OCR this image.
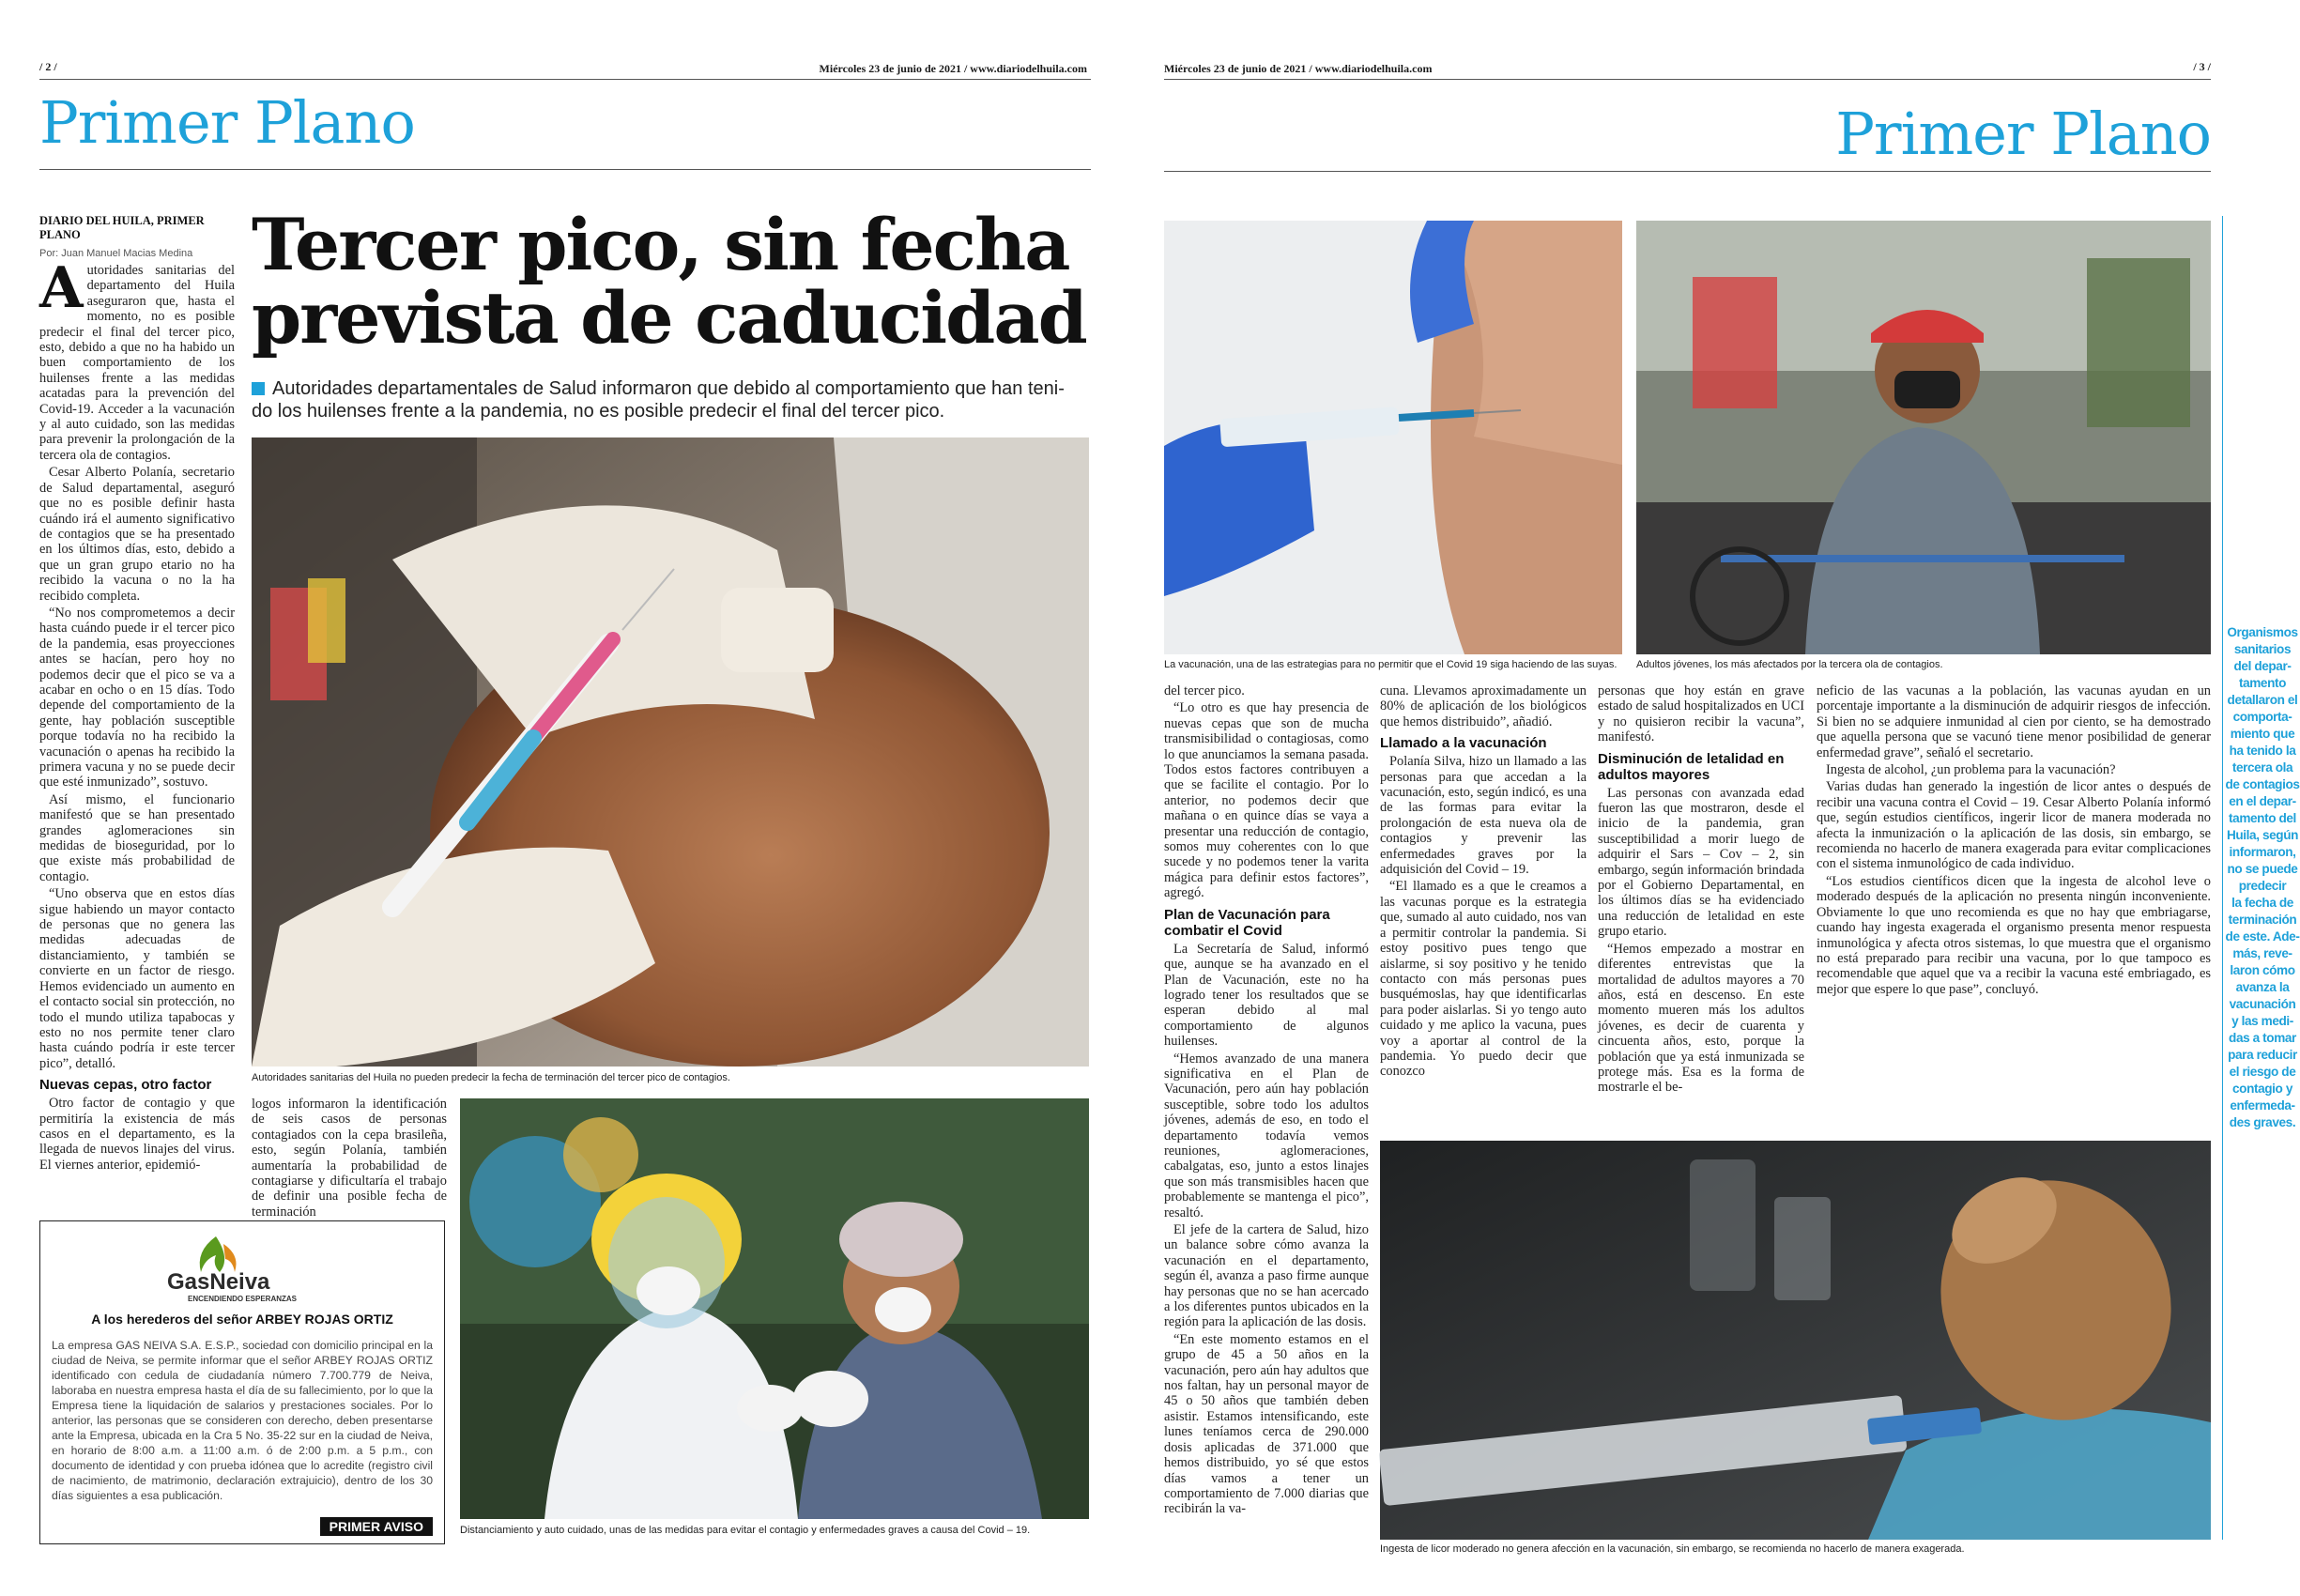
/ 2 /	Miércoles 23 de junio de 2021 / www.diariodelhuila.com
Primer Plano
DIARIO DEL HUILA, PRIMER PLANO
Por: Juan Manuel Macias Medina Tercer pico, sin fecha
prevista de caducidad
Autoridades departamentales de Salud informaron que debido al comportamiento que han teni-
do los huilenses frente a la pandemia, no es posible predecir el final del tercer pico.

Autoridades sanitarias del departamento del Huila aseguraron que, hasta el momento, no es posible predecir el final del tercer pico, esto, debido a que no ha habido un buen comportamiento de los huilenses frente a las medidas acatadas para la prevención del Covid-19. Acceder a la vacunación y al auto cuidado, son las medidas para prevenir la prolongación de la tercera ola de contagios.

Cesar Alberto Polanía, secretario de Salud departamental, aseguró que no es posible definir hasta cuándo irá el aumento significativo de contagios que se ha presentado en los últimos días, esto, debido a que un gran grupo etario no ha recibido la vacuna o no la ha recibido completa.

“No nos comprometemos a decir hasta cuándo puede ir el tercer pico de la pandemia, esas proyecciones antes se hacían, pero hoy no podemos decir que el pico se va a acabar en ocho o en 15 días. Todo depende del comportamiento de la gente, hay población susceptible porque todavía no ha recibido la vacunación o apenas ha recibido la primera vacuna y no se puede decir que esté inmunizado”, sostuvo.

Así mismo, el funcionario manifestó que se han presentado grandes aglomeraciones sin medidas de bioseguridad, por lo que existe más probabilidad de contagio.

“Uno observa que en estos días sigue habiendo un mayor contacto de personas que no genera las medidas adecuadas de distanciamiento, y también se convierte en un factor de riesgo. Hemos evidenciado un aumento en el contacto social sin protección, no todo el mundo utiliza tapabocas y esto no nos permite tener claro hasta cuándo podría ir este tercer pico”, detalló.

Nuevas cepas, otro factor

Otro factor de contagio y que permitiría la existencia de más casos en el departamento, es la llegada de nuevos linajes del virus. El viernes anterior, epidemió-

Autoridades sanitarias del Huila no pueden predecir la fecha de terminación del tercer pico de contagios.

logos informaron la identificación de seis casos de personas contagiados con la cepa brasileña, esto, según Polanía, también aumentaría la probabilidad de contagiarse y dificultaría el trabajo de definir una posible fecha de terminación

Distanciamiento y auto cuidado, unas de las medidas para evitar el contagio y enfermedades graves a causa del Covid – 19.
GasNeiva
ENCENDIENDO ESPERANZAS
A los herederos del señor ARBEY ROJAS ORTIZ
La empresa GAS NEIVA S.A. E.S.P., sociedad con domicilio principal en la ciudad de Neiva, se permite informar que el señor ARBEY ROJAS ORTIZ identificado con cedula de ciudadanía número 7.700.779 de Neiva, laboraba en nuestra empresa hasta el día de su fallecimiento, por lo que la Empresa tiene la liquidación de salarios y prestaciones sociales. Por lo anterior, las personas que se consideren con derecho, deben presentarse ante la Empresa, ubicada en la Cra 5 No. 35-22 sur en la ciudad de Neiva, en horario de 8:00 a.m. a 11:00 a.m. ó de 2:00 p.m. a 5 p.m., con documento de identidad y con prueba idónea que lo acredite (registro civil de nacimiento, de matrimonio, declaración extrajuicio), dentro de los 30 días siguientes a esa publicación.
PRIMER AVISO
Miércoles 23 de junio de 2021 / www.diariodelhuila.com	/ 3 /
Primer Plano
La vacunación, una de las estrategias para no permitir que el Covid 19 siga haciendo de las suyas.	Adultos jóvenes, los más afectados por la tercera ola de contagios.

del tercer pico.

“Lo otro es que hay presencia de nuevas cepas que son de mucha transmisibilidad o contagiosas, como lo que anunciamos la semana pasada. Todos estos factores contribuyen a que se facilite el contagio. Por lo anterior, no podemos decir que mañana o en quince días se vaya a presentar una reducción de contagio, somos muy coherentes con lo que sucede y no podemos tener la varita mágica para definir estos factores”, agregó.

Plan de Vacunación para combatir el Covid

La Secretaría de Salud, informó que, aunque se ha avanzado en el Plan de Vacunación, este no ha logrado tener los resultados que se esperan debido al mal comportamiento de algunos huilenses.

“Hemos avanzado de una manera significativa en el Plan de Vacunación, pero aún hay población susceptible, sobre todo los adultos jóvenes, además de eso, en todo el departamento todavía vemos reuniones, aglomeraciones, cabalgatas, eso, junto a estos linajes que son más transmisibles hacen que probablemente se mantenga el pico”, resaltó.

El jefe de la cartera de Salud, hizo un balance sobre cómo avanza la vacunación en el departamento, según él, avanza a paso firme aunque hay personas que no se han acercado a los diferentes puntos ubicados en la región para la aplicación de las dosis.

“En este momento estamos en el grupo de 45 a 50 años en la vacunación, pero aún hay adultos que nos faltan, hay un personal mayor de 45 o 50 años que también deben asistir. Estamos intensificando, este lunes teníamos cerca de 290.000 dosis aplicadas de 371.000 que hemos distribuido, yo sé que estos días vamos a tener un comportamiento de 7.000 diarias que recibirán la va-

cuna. Llevamos aproximadamente un 80% de aplicación de los biológicos que hemos distribuido”, añadió.

Llamado a la vacunación

Polanía Silva, hizo un llamado a las personas para que accedan a la vacunación, esto, según indicó, es una de las formas para evitar la prolongación de esta nueva ola de contagios y prevenir las enfermedades graves por la adquisición del Covid – 19.

“El llamado es a que le creamos a las vacunas porque es la estrategia que, sumado al auto cuidado, nos van a permitir controlar la pandemia. Si estoy positivo pues tengo que aislarme, si soy positivo y he tenido contacto con más personas pues busquémoslas, hay que identificarlas para poder aislarlas. Si yo tengo auto cuidado y me aplico la vacuna, pues voy a aportar al control de la pandemia. Yo puedo decir que conozco

personas que hoy están en grave estado de salud hospitalizados en UCI y no quisieron recibir la vacuna”, manifestó.

Disminución de letalidad en adultos mayores

Las personas con avanzada edad fueron las que mostraron, desde el inicio de la pandemia, gran susceptibilidad a morir luego de adquirir el Sars – Cov – 2, sin embargo, según información brindada por el Gobierno Departamental, en los últimos días se ha evidenciado una reducción de letalidad en este grupo etario.

“Hemos empezado a mostrar en diferentes entrevistas que la mortalidad de adultos mayores a 70 años, está en descenso. En este momento mueren más los adultos jóvenes, es decir de cuarenta y cincuenta años, esto, porque la población que ya está inmunizada se protege más. Esa es la forma de mostrarle el be-

neficio de las vacunas a la población, las vacunas ayudan en un porcentaje importante a la disminución de adquirir riesgos de infección. Si bien no se adquiere inmunidad al cien por ciento, se ha demostrado que aquella persona que se vacunó tiene menor posibilidad de generar enfermedad grave”, señaló el secretario.

Ingesta de alcohol, ¿un problema para la vacunación?

Varias dudas han generado la ingestión de licor antes o después de recibir una vacuna contra el Covid – 19. Cesar Alberto Polanía informó que, según estudios científicos, ingerir licor de manera moderada no afecta la inmunización o la aplicación de las dosis, sin embargo, se recomienda no hacerlo de manera exagerada para evitar complicaciones con el sistema inmunológico de cada individuo.

“Los estudios científicos dicen que la ingesta de alcohol leve o moderado después de la aplicación no presenta ningún inconveniente. Obviamente lo que uno recomienda es que no hay que embriagarse, cuando hay ingesta exagerada el organismo presenta menor respuesta inmunológica y afecta otros sistemas, lo que muestra que el organismo no está preparado para recibir una vacuna, por lo que tampoco es recomendable que aquel que va a recibir la vacuna esté embriagado, es mejor que espere lo que pase”, concluyó.

Ingesta de licor moderado no genera afección en la vacunación, sin embargo, se recomienda no hacerlo de manera exagerada.
Organismos
sanitarios
del depar-
tamento
detallaron el
comporta-
miento que
ha tenido la
tercera ola
de contagios
en el depar-
tamento del
Huila, según
informaron,
no se puede
predecir
la fecha de
terminación
de este. Ade-
más, reve-
laron cómo
avanza la
vacunación
y las medi-
das a tomar
para reducir
el riesgo de
contagio y
enfermeda-
des graves.
